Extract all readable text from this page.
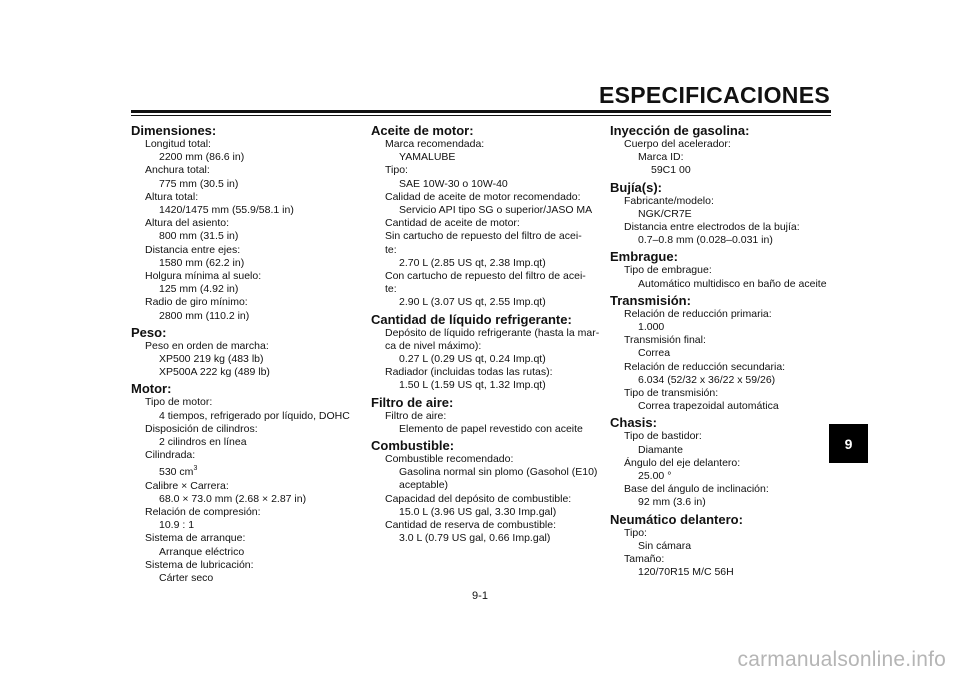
ESPECIFICACIONES
Dimensiones:
Longitud total:
2200 mm (86.6 in)
Anchura total:
775 mm (30.5 in)
Altura total:
1420/1475 mm (55.9/58.1 in)
Altura del asiento:
800 mm (31.5 in)
Distancia entre ejes:
1580 mm (62.2 in)
Holgura mínima al suelo:
125 mm (4.92 in)
Radio de giro mínimo:
2800 mm (110.2 in)
Peso:
Peso en orden de marcha:
XP500 219 kg (483 lb)
XP500A 222 kg (489 lb)
Motor:
Tipo de motor:
4 tiempos, refrigerado por líquido, DOHC
Disposición de cilindros:
2 cilindros en línea
Cilindrada:
530 $cm^3$
Calibre × Carrera:
68.0 × 73.0 mm (2.68 × 2.87 in)
Relación de compresión:
10.9 : 1
Sistema de arranque:
Arranque eléctrico
Sistema de lubricación:
Cárter seco
Aceite de motor:
Marca recomendada:
YAMALUBE
Tipo:
SAE 10W-30 o 10W-40
Calidad de aceite de motor recomendado:
Servicio API tipo SG o superior/JASO MA
Cantidad de aceite de motor:
Sin cartucho de repuesto del filtro de acei-
te:
2.70 L (2.85 US qt, 2.38 Imp.qt)
Con cartucho de repuesto del filtro de acei-
te:
2.90 L (3.07 US qt, 2.55 Imp.qt)
Cantidad de líquido refrigerante:
Depósito de líquido refrigerante (hasta la mar-
ca de nivel máximo):
0.27 L (0.29 US qt, 0.24 Imp.qt)
Radiador (incluidas todas las rutas):
1.50 L (1.59 US qt, 1.32 Imp.qt)
Filtro de aire:
Filtro de aire:
Elemento de papel revestido con aceite
Combustible:
Combustible recomendado:
Gasolina normal sin plomo (Gasohol (E10)
aceptable)
Capacidad del depósito de combustible:
15.0 L (3.96 US gal, 3.30 Imp.gal)
Cantidad de reserva de combustible:
3.0 L (0.79 US gal, 0.66 Imp.gal)
Inyección de gasolina:
Cuerpo del acelerador:
Marca ID:
59C1 00
Bujía(s):
Fabricante/modelo:
NGK/CR7E
Distancia entre electrodos de la bujía:
0.7–0.8 mm (0.028–0.031 in)
Embrague:
Tipo de embrague:
Automático multidisco en baño de aceite
Transmisión:
Relación de reducción primaria:
1.000
Transmisión final:
Correa
Relación de reducción secundaria:
6.034 (52/32 x 36/22 x 59/26)
Tipo de transmisión:
Correa trapezoidal automática
Chasis:
Tipo de bastidor:
Diamante
Ángulo del eje delantero:
25.00 °
Base del ángulo de inclinación:
92 mm (3.6 in)
Neumático delantero:
Tipo:
Sin cámara
Tamaño:
120/70R15 M/C 56H
9
9-1
carmanualsonline.info
